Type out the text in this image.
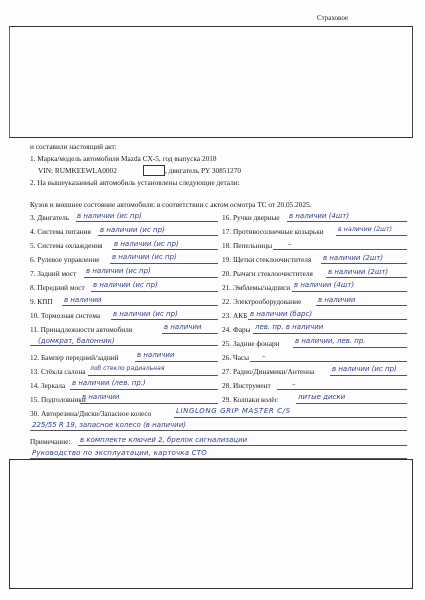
Страховое
и составили настоящий акт:
1. Марка/модель автомобиля Mazda CX-5, год выпуска 2018
VIN: RUMKEEWLA0002	, двигатель PY 30851270
2. На вышеуказанный автомобиль установлены следующие детали:
Кузов и внешнее состояние автомобиля: в соответствии с актом осмотра ТС от 20.05.2025.
3. Двигатель в наличии (ис пр)
4. Система питания в наличии (ис пр)
5. Система охлаждения в наличии (ис пр)
6. Рулевое управление в наличии (ис пр)
7. Задний мост в наличии (ис пр)
8. Передний мост в наличии (ис пр)
9. КПП в наличии
10. Тормозная система в наличии (ис пр)
11. Принадлежности автомобиля	в наличии
(домкрат, балонник)
12. Бампер передний/задний	в наличии
13. Стёкла салона лоб стекло радиальная
14. Зеркала в наличии (лев. пр.)
15. Подголовники
в наличии
16. Ручки дверные в наличии (4шт)
17. Противосолнечные козырьки в наличии (2шт)
18. Пепельницы –
19. Щетки стеклоочистителя в наличии (2шт)
20. Рычаги стеклоочистителя в наличии (2шт)
21. Эмблемы/надписи в наличии (4шт)
22. Электрооборудование в наличии
23. АКБ в наличии (барс)
24. Фары лев. пр. в наличии
25. Задние фонари в наличии, лев. пр.
26. Часы –
27. Радио/Динамики/Антенна	в наличии (ис пр)
28. Инструмент	–
29. Колпаки колёс	литые диски
30. Авторезина/Диски/Запасное колесо	LINGLONG GRIP MASTER C/S
225/55 R 19, запасное колесо (в наличии)
Примечание: в комплекте ключей 2, брелок сигнализации
Руководство по эксплуатации, карточка СТО
